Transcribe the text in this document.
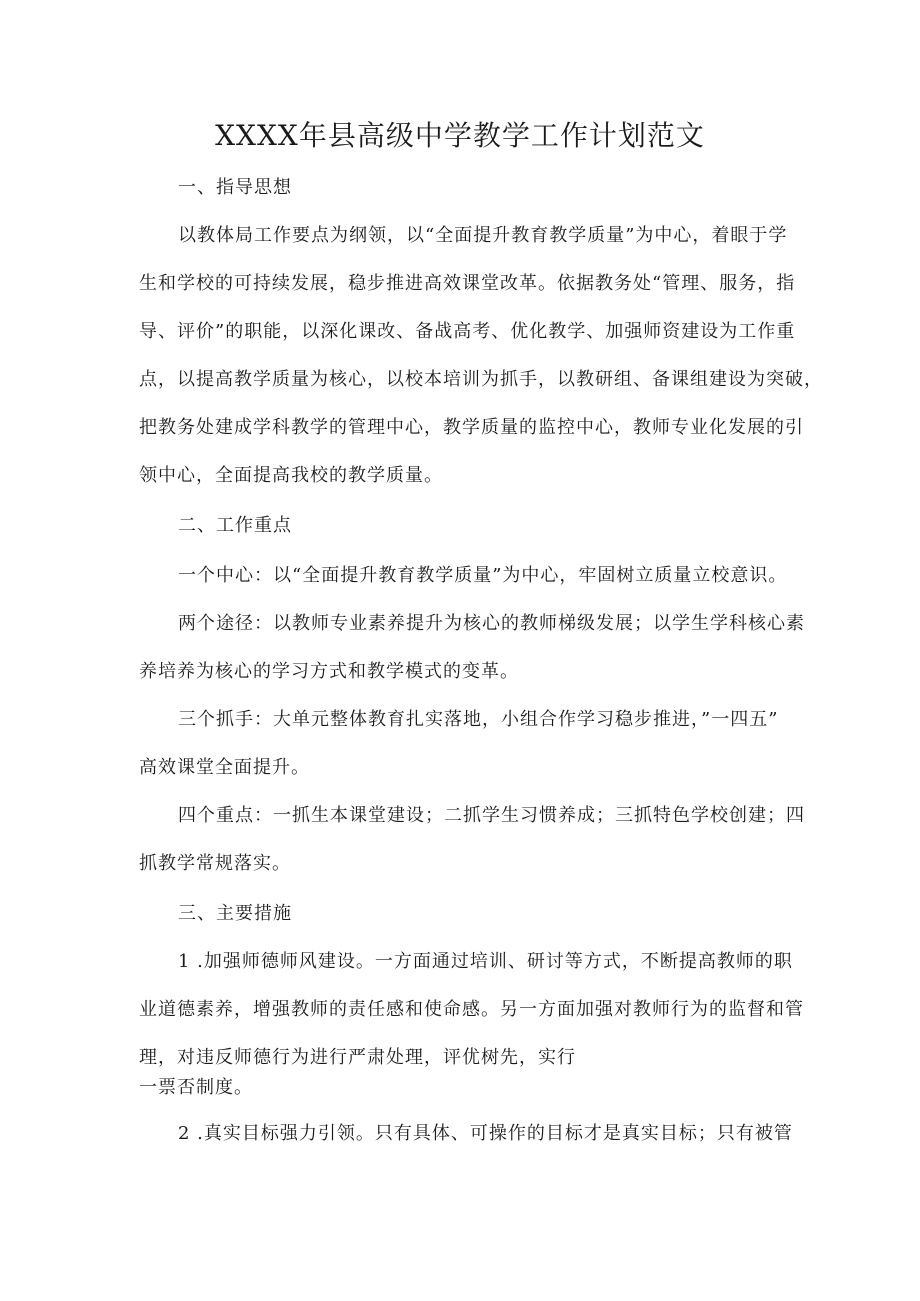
XXXX年县高级中学教学工作计划范文
一、指导思想
以教体局工作要点为纲领，以“全面提升教育教学质量”为中心，着眼于学
生和学校的可持续发展，稳步推进高效课堂改革。依据教务处“管理、服务，指
导、评价”的职能，以深化课改、备战高考、优化教学、加强师资建设为工作重
点，以提高教学质量为核心，以校本培训为抓手，以教研组、备课组建设为突破，
把教务处建成学科教学的管理中心，教学质量的监控中心，教师专业化发展的引
领中心，全面提高我校的教学质量。
二、工作重点
一个中心：以“全面提升教育教学质量”为中心，牢固树立质量立校意识。
两个途径：以教师专业素养提升为核心的教师梯级发展；以学生学科核心素
养培养为核心的学习方式和教学模式的变革。
三个抓手：大单元整体教育扎实落地，小组合作学习稳步推进，”一四五”
高效课堂全面提升。
四个重点：一抓生本课堂建设；二抓学生习惯养成；三抓特色学校创建；四
抓教学常规落实。
三、主要措施
1 .加强师德师风建设。一方面通过培训、研讨等方式，不断提高教师的职
业道德素养，增强教师的责任感和使命感。另一方面加强对教师行为的监督和管
理，对违反师德行为进行严肃处理，评优树先，实行
一票否制度。
2 .真实目标强力引领。只有具体、可操作的目标才是真实目标；只有被管
